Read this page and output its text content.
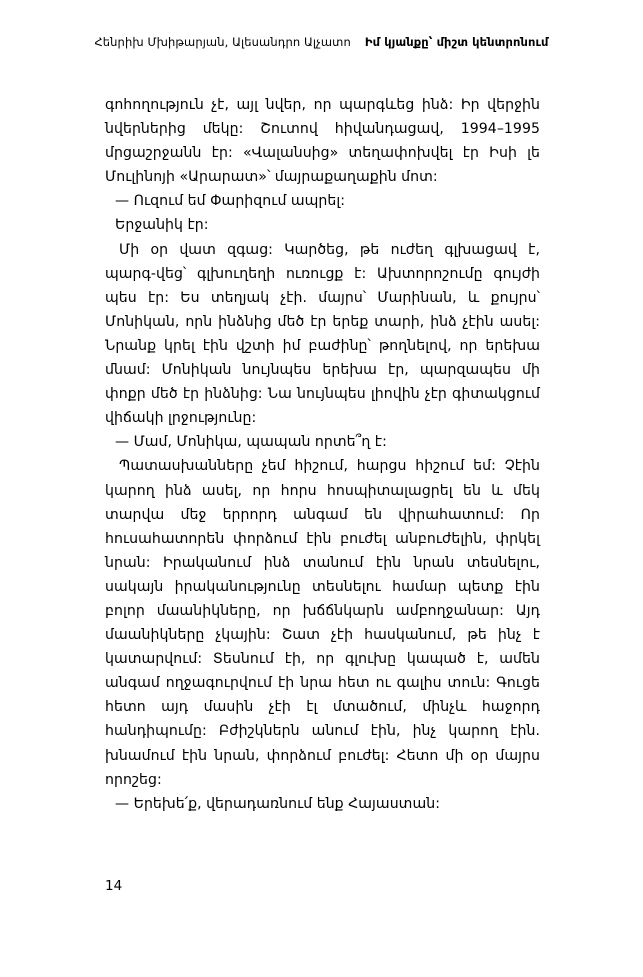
Հենրիխ Մխիթարյան, Ալեսանդրո Ալչատո Իմ կյանքը՝ միշտ կենտրոնում

գոհողություն չէ, այլ նվեր, որ պարգևեց ինձ: Իր վերջին նվերներից մեկը: Շուտով հիվանդացավ, 1994–1995 մրցաշրջանն էր: «Վալանսից» տեղափոխվել էր Իսի լե Մուլինոյի «Արարատ»՝ մայրաքաղաքին մոտ:

— Ուզում եմ Փարիզում ապրել:

Երջանիկ էր:

Մի օր վատ զգաց: Կարծեց, թե ուժեղ գլխացավ է, պարգ-վեց՝ գլխուղեղի ուռուցք է: Ախտորոշումը գույժի պես էր: Ես տեղյակ չէի. մայրս՝ Մարինան, և քույրս՝ Մոնիկան, որն ինձնից մեծ էր երեք տարի, ինձ չէին ասել: Նրանք կրել էին վշտի իմ բաժինը՝ թողնելով, որ երեխա մնամ: Մոնիկան նույնպես երեխա էր, պարզապես մի փոքր մեծ էր ինձնից: Նա նույնպես լիովին չէր գիտակցում վիճակի լրջությունը:

— Մամ, Մոնիկա, պապան որտե՞ղ է:

Պատասխանները չեմ հիշում, հարցս հիշում եմ: Չէին կարող ինձ ասել, որ հորս հոսպիտալացրել են և մեկ տարվա մեջ երրորդ անգամ են վիրահատում: Որ հուսահատորեն փորձում էին բուժել անբուժելին, փրկել նրան: Իրականում ինձ տանում էին նրան տեսնելու, սակայն իրականությունը տեսնելու համար պետք էին բոլոր մաանիկները, որ խճճնկարն ամբողջանար: Այդ մաանիկները չկային: Շատ չէի հասկանում, թե ինչ է կատարվում: Տեսնում էի, որ գլուխը կապած է, ամեն անգամ ողջագուրվում էի նրա հետ ու գալիս տուն: Գուցե հետո այդ մասին չէի էլ մտածում, մինչև հաջորդ հանդիպումը: Բժիշկներն անում էին, ինչ կարող էին. խնամում էին նրան, փորձում բուժել: Հետո մի օր մայրս որոշեց:

— Երեխե՛ք, վերադառնում ենք Հայաստան:

14
